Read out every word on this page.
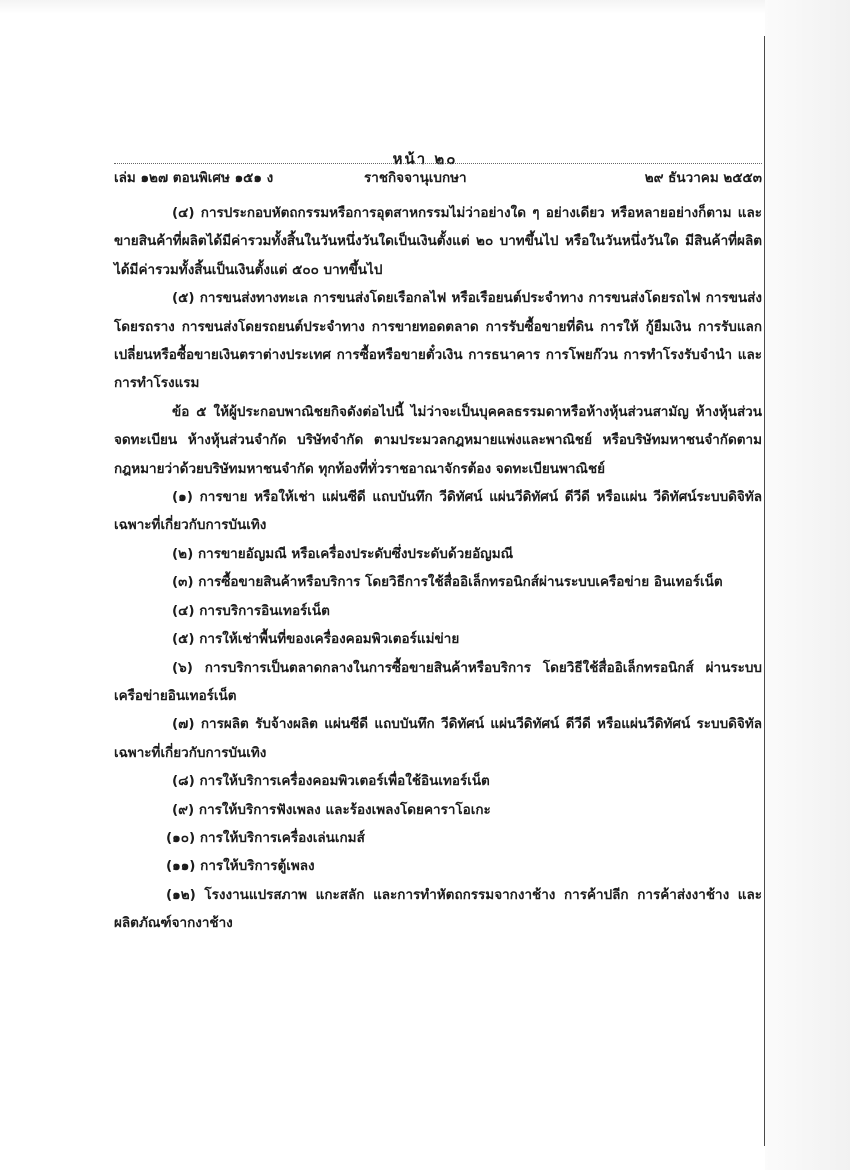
หน้า ๒๐
เล่ม ๑๒๗ ตอนพิเศษ ๑๕๑ ง	ราชกิจจานุเบกษา	๒๙ ธันวาคม ๒๕๕๓

(๔) การประกอบหัตถกรรมหรือการอุตสาหกรรมไม่ว่าอย่างใด ๆ อย่างเดียว หรือหลายอย่างก็ตาม และขายสินค้าที่ผลิตได้มีค่ารวมทั้งสิ้นในวันหนึ่งวันใดเป็นเงินตั้งแต่ ๒๐ บาทขึ้นไป หรือในวันหนึ่งวันใด มีสินค้าที่ผลิตได้มีค่ารวมทั้งสิ้นเป็นเงินตั้งแต่ ๕๐๐ บาทขึ้นไป

(๕) การขนส่งทางทะเล การขนส่งโดยเรือกลไฟ หรือเรือยนต์ประจำทาง การขนส่งโดยรถไฟ การขนส่งโดยรถราง การขนส่งโดยรถยนต์ประจำทาง การขายทอดตลาด การรับซื้อขายที่ดิน การให้ กู้ยืมเงิน การรับแลกเปลี่ยนหรือซื้อขายเงินตราต่างประเทศ การซื้อหรือขายตั๋วเงิน การธนาคาร การโพยก๊วน การทำโรงรับจำนำ และการทำโรงแรม

ข้อ ๕ ให้ผู้ประกอบพาณิชยกิจดังต่อไปนี้ ไม่ว่าจะเป็นบุคคลธรรมดาหรือห้างหุ้นส่วนสามัญ ห้างหุ้นส่วนจดทะเบียน ห้างหุ้นส่วนจำกัด บริษัทจำกัด ตามประมวลกฎหมายแพ่งและพาณิชย์ หรือบริษัทมหาชนจำกัดตามกฎหมายว่าด้วยบริษัทมหาชนจำกัด ทุกท้องที่ทั่วราชอาณาจักรต้อง จดทะเบียนพาณิชย์

(๑) การขาย หรือให้เช่า แผ่นซีดี แถบบันทึก วีดิทัศน์ แผ่นวีดิทัศน์ ดีวีดี หรือแผ่น วีดิทัศน์ระบบดิจิทัล เฉพาะที่เกี่ยวกับการบันเทิง

(๒) การขายอัญมณี หรือเครื่องประดับซึ่งประดับด้วยอัญมณี

(๓) การซื้อขายสินค้าหรือบริการ โดยวิธีการใช้สื่ออิเล็กทรอนิกส์ผ่านระบบเครือข่าย อินเทอร์เน็ต

(๔) การบริการอินเทอร์เน็ต

(๕) การให้เช่าพื้นที่ของเครื่องคอมพิวเตอร์แม่ข่าย

(๖) การบริการเป็นตลาดกลางในการซื้อขายสินค้าหรือบริการ โดยวิธีใช้สื่ออิเล็กทรอนิกส์ ผ่านระบบเครือข่ายอินเทอร์เน็ต

(๗) การผลิต รับจ้างผลิต แผ่นซีดี แถบบันทึก วีดิทัศน์ แผ่นวีดิทัศน์ ดีวีดี หรือแผ่นวีดิทัศน์ ระบบดิจิทัล เฉพาะที่เกี่ยวกับการบันเทิง

(๘) การให้บริการเครื่องคอมพิวเตอร์เพื่อใช้อินเทอร์เน็ต

(๙) การให้บริการฟังเพลง และร้องเพลงโดยคาราโอเกะ

(๑๐) การให้บริการเครื่องเล่นเกมส์

(๑๑) การให้บริการตู้เพลง

(๑๒) โรงงานแปรสภาพ แกะสลัก และการทำหัตถกรรมจากงาช้าง การค้าปลีก การค้าส่งงาช้าง และผลิตภัณฑ์จากงาช้าง
